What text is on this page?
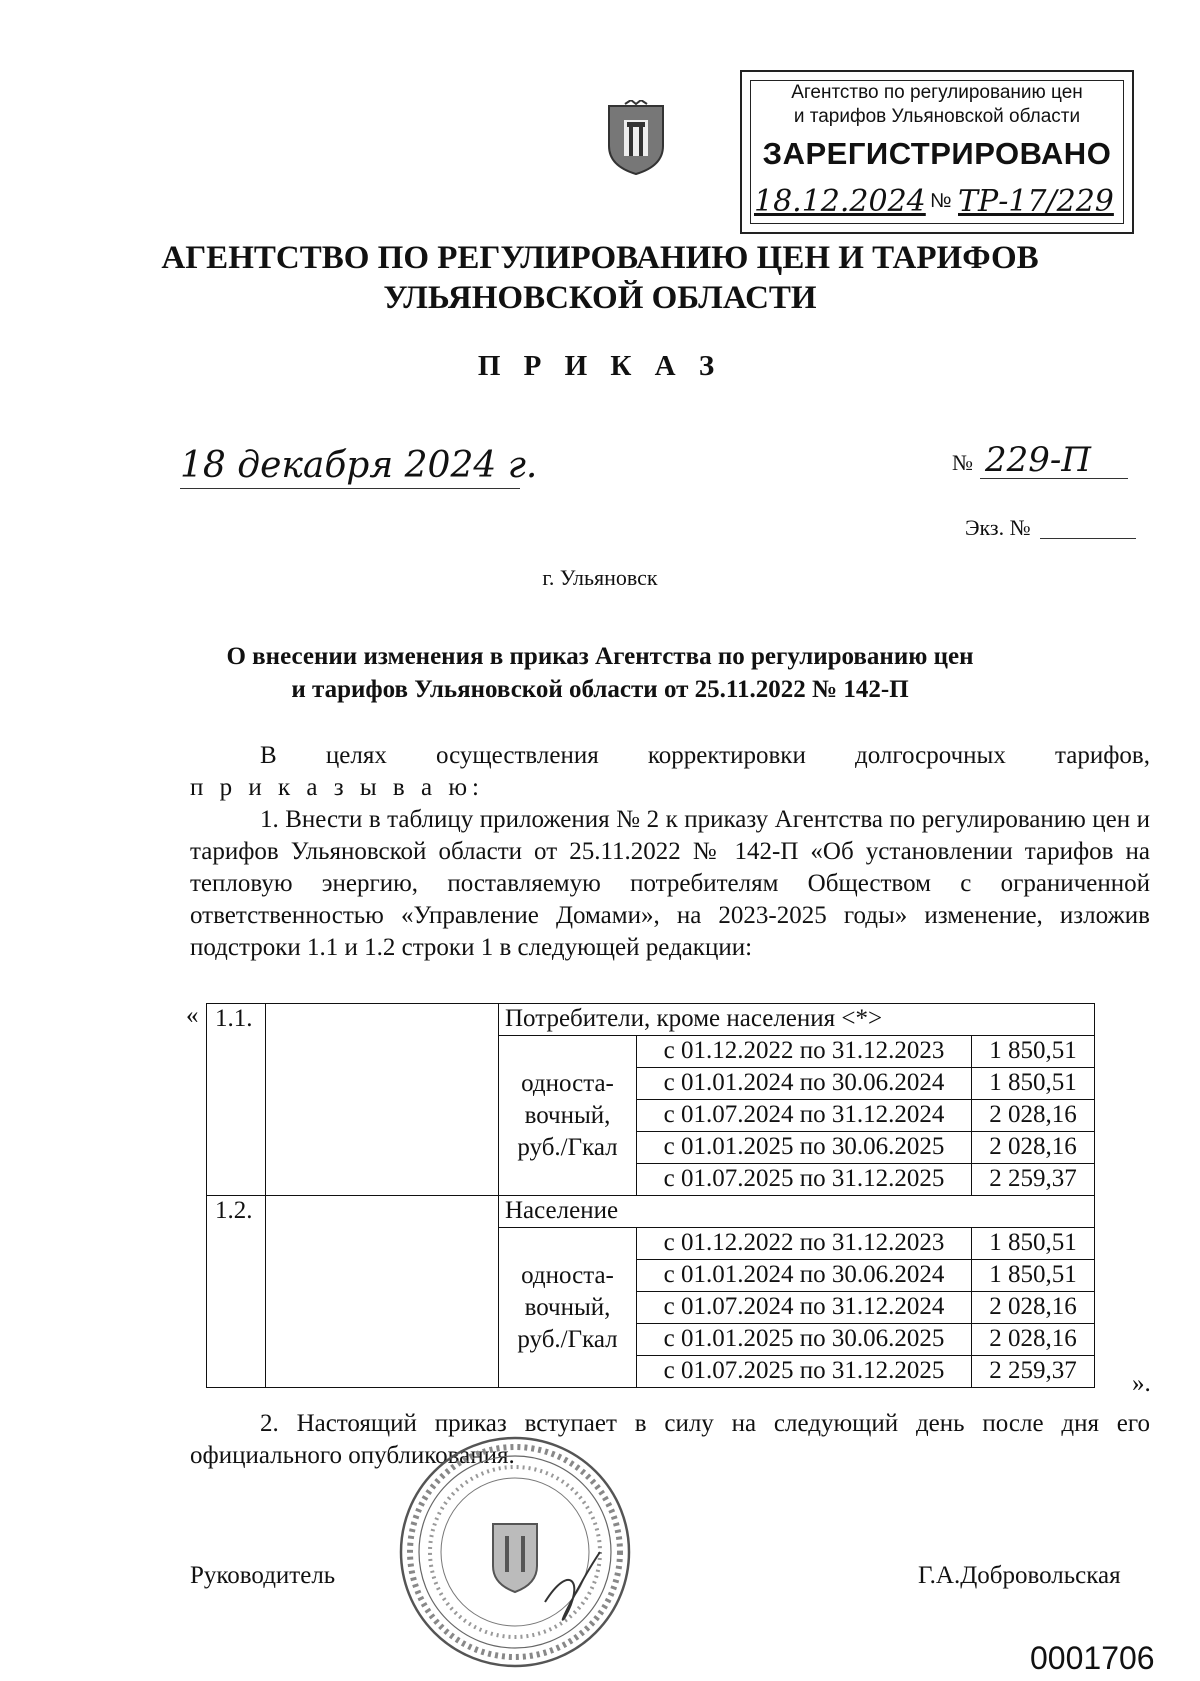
Агентство по регулированию цен
и тарифов Ульяновской области
ЗАРЕГИСТРИРОВАНО
18.12.2024 № ТР-17/229
АГЕНТСТВО ПО РЕГУЛИРОВАНИЮ ЦЕН И ТАРИФОВ
УЛЬЯНОВСКОЙ ОБЛАСТИ
П Р И К А З
18 декабря 2024 г.	№ 229-П
Экз. №
г. Ульяновск
О внесении изменения в приказ Агентства по регулированию цен
и тарифов Ульяновской области от 25.11.2022 № 142-П
В целях осуществления корректировки долгосрочных тарифов,
п р и к а з ы в а ю:
1. Внести в таблицу приложения № 2 к приказу Агентства по регулированию цен и тарифов Ульяновской области от 25.11.2022 № 142-П «Об установлении тарифов на тепловую энергию, поставляемую потребителям Обществом с ограниченной ответственностью «Управление Домами», на 2023-2025 годы» изменение, изложив подстроки 1.1 и 1.2 строки 1 в следующей редакции:
« 1.1.		Потребители, кроме населения <*>		

		односта-
вочный,
руб./Гкал	с 01.12.2022 по 31.12.2023	1 850,51
			с 01.01.2024 по 30.06.2024	1 850,51
			с 01.07.2024 по 31.12.2024	2 028,16
			с 01.01.2025 по 30.06.2025	2 028,16
			с 01.07.2025 по 31.12.2025	2 259,37
1.2.		Население		

		односта-
вочный,
руб./Гкал	с 01.12.2022 по 31.12.2023	1 850,51
			с 01.01.2024 по 30.06.2024	1 850,51
			с 01.07.2024 по 31.12.2024	2 028,16
			с 01.01.2025 по 30.06.2025	2 028,16
			с 01.07.2025 по 31.12.2025	2 259,37 ».
2. Настоящий приказ вступает в силу на следующий день после дня его официального опубликования.
Руководитель	Г.А.Добровольская
0001706
